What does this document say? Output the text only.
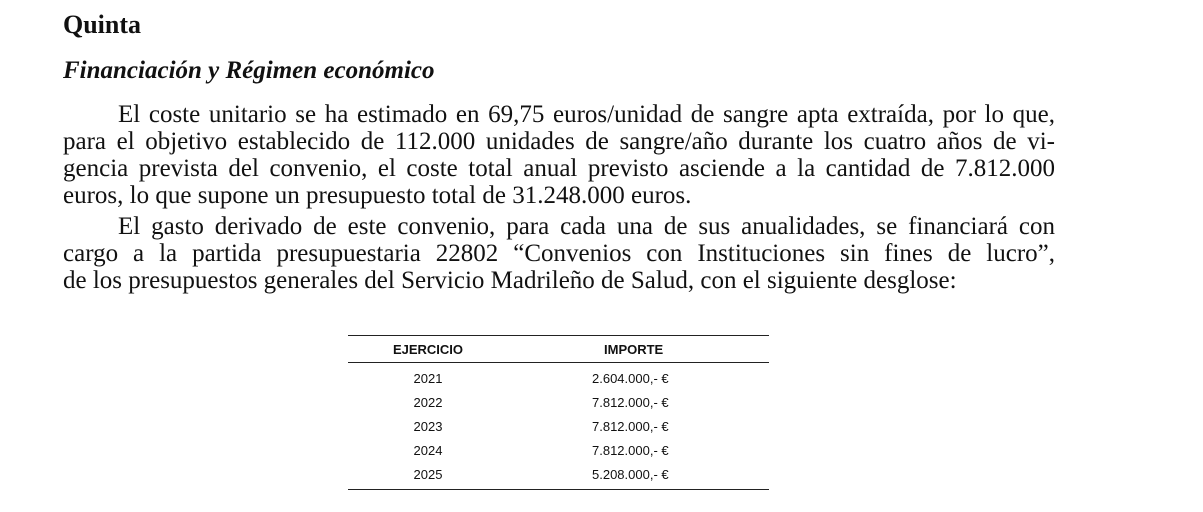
Quinta
Financiación y Régimen económico

El coste unitario se ha estimado en 69,75 euros/unidad de sangre apta extraída, por lo que,

para el objetivo establecido de 112.000 unidades de sangre/año durante los cuatro años de vi-

gencia prevista del convenio, el coste total anual previsto asciende a la cantidad de 7.812.000

euros, lo que supone un presupuesto total de 31.248.000 euros.

El gasto derivado de este convenio, para cada una de sus anualidades, se financiará con

cargo a la partida presupuestaria 22802 “Convenios con Instituciones sin fines de lucro”,

de los presupuestos generales del Servicio Madrileño de Salud, con el siguiente desglose:

EJERCICIO	IMPORTE
2021	2.604.000,- €
2022	7.812.000,- €
2023	7.812.000,- €
2024	7.812.000,- €
2025	5.208.000,- €
